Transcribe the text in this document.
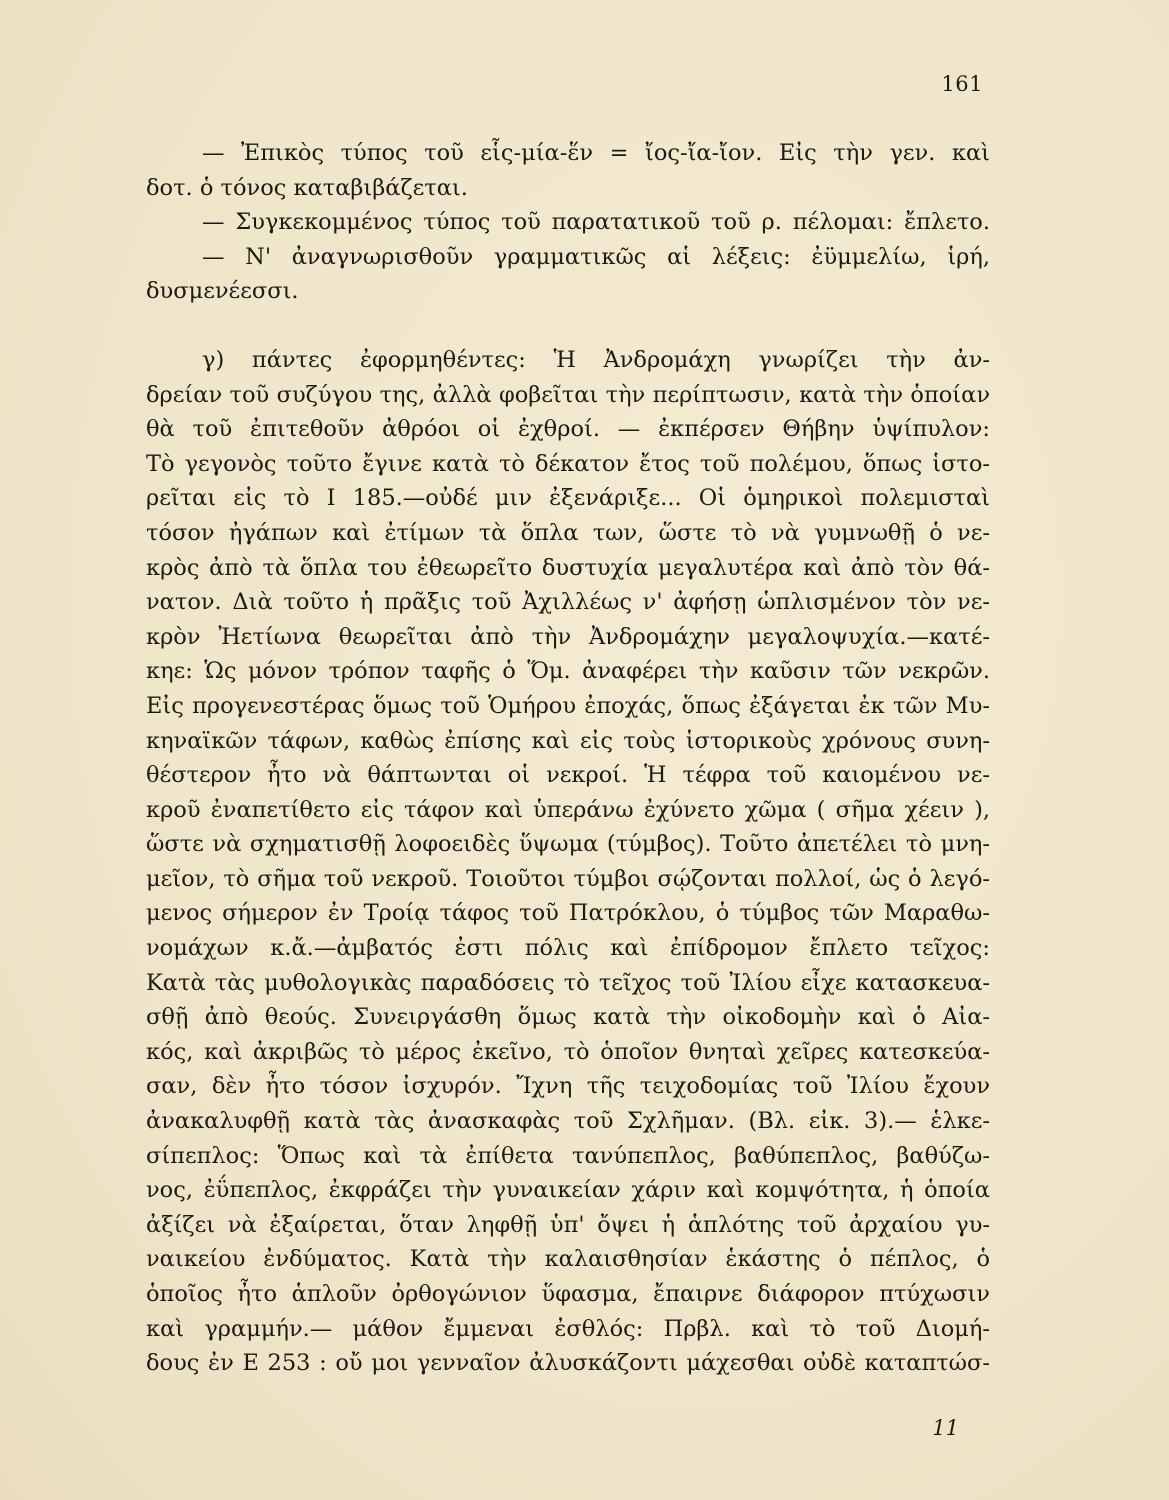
161
— Ἐπικὸς τύπος τοῦ εἷς-μία-ἕν = ἴος-ἴα-ἴον. Εἰς τὴν γεν. καὶ
δοτ. ὁ τόνος καταβιβάζεται.
— Συγκεκομμένος τύπος τοῦ παρατατικοῦ τοῦ ρ. πέλομαι: ἔπλετο.
— Ν' ἀναγνωρισθοῦν γραμματικῶς αἱ λέξεις: ἐϋμμελίω, ἱρή,
δυσμενέεσσι.
γ) πάντες ἐφορμηθέντες: Ἡ Ἀνδρομάχη γνωρίζει τὴν ἀν-
δρείαν τοῦ συζύγου της, ἀλλὰ φοβεῖται τὴν περίπτωσιν, κατὰ τὴν ὁποίαν
θὰ τοῦ ἐπιτεθοῦν ἀθρόοι οἱ ἐχθροί. — ἐκπέρσεν Θήβην ὑψίπυλον:
Τὸ γεγονὸς τοῦτο ἔγινε κατὰ τὸ δέκατον ἔτος τοῦ πολέμου, ὅπως ἱστο-
ρεῖται εἰς τὸ Ι 185.—οὐδέ μιν ἐξενάριξε... Οἱ ὁμηρικοὶ πολεμισταὶ
τόσον ἠγάπων καὶ ἐτίμων τὰ ὅπλα των, ὥστε τὸ νὰ γυμνωθῇ ὁ νε-
κρὸς ἀπὸ τὰ ὅπλα του ἐθεωρεῖτο δυστυχία μεγαλυτέρα καὶ ἀπὸ τὸν θά-
νατον. Διὰ τοῦτο ἡ πρᾶξις τοῦ Ἀχιλλέως ν' ἀφήσῃ ὡπλισμένον τὸν νε-
κρὸν Ἠετίωνα θεωρεῖται ἀπὸ τὴν Ἀνδρομάχην μεγαλοψυχία.—κατέ-
κηε: Ὡς μόνον τρόπον ταφῆς ὁ Ὅμ. ἀναφέρει τὴν καῦσιν τῶν νεκρῶν.
Εἰς προγενεστέρας ὅμως τοῦ Ὁμήρου ἐποχάς, ὅπως ἐξάγεται ἐκ τῶν Μυ-
κηναϊκῶν τάφων, καθὼς ἐπίσης καὶ εἰς τοὺς ἱστορικοὺς χρόνους συνη-
θέστερον ἦτο νὰ θάπτωνται οἱ νεκροί. Ἡ τέφρα τοῦ καιομένου νε-
κροῦ ἐναπετίθετο εἰς τάφον καὶ ὑπεράνω ἐχύνετο χῶμα ( σῆμα χέειν ),
ὥστε νὰ σχηματισθῇ λοφοειδὲς ὕψωμα (τύμβος). Τοῦτο ἀπετέλει τὸ μνη-
μεῖον, τὸ σῆμα τοῦ νεκροῦ. Τοιοῦτοι τύμβοι σῴζονται πολλοί, ὡς ὁ λεγό-
μενος σήμερον ἐν Τροίᾳ τάφος τοῦ Πατρόκλου, ὁ τύμβος τῶν Μαραθω-
νομάχων κ.ἄ.—ἀμβατός ἐστι πόλις καὶ ἐπίδρομον ἔπλετο τεῖχος:
Κατὰ τὰς μυθολογικὰς παραδόσεις τὸ τεῖχος τοῦ Ἰλίου εἶχε κατασκευα-
σθῇ ἀπὸ θεούς. Συνειργάσθη ὅμως κατὰ τὴν οἰκοδομὴν καὶ ὁ Αἰα-
κός, καὶ ἀκριβῶς τὸ μέρος ἐκεῖνο, τὸ ὁποῖον θνηταὶ χεῖρες κατεσκεύα-
σαν, δὲν ἦτο τόσον ἰσχυρόν. Ἴχνη τῆς τειχοδομίας τοῦ Ἰλίου ἔχουν
ἀνακαλυφθῇ κατὰ τὰς ἀνασκαφὰς τοῦ Σχλῆμαν. (Βλ. εἰκ. 3).— ἑλκε-
σίπεπλος: Ὅπως καὶ τὰ ἐπίθετα τανύπεπλος, βαθύπεπλος, βαθύζω-
νος, ἐΰπεπλος, ἐκφράζει τὴν γυναικείαν χάριν καὶ κομψότητα, ἡ ὁποία
ἀξίζει νὰ ἐξαίρεται, ὅταν ληφθῇ ὑπ' ὄψει ἡ ἁπλότης τοῦ ἀρχαίου γυ-
ναικείου ἐνδύματος. Κατὰ τὴν καλαισθησίαν ἑκάστης ὁ πέπλος, ὁ
ὁποῖος ἦτο ἁπλοῦν ὀρθογώνιον ὕφασμα, ἔπαιρνε διάφορον πτύχωσιν
καὶ γραμμήν.— μάθον ἔμμεναι ἐσθλός: Πρβλ. καὶ τὸ τοῦ Διομή-
δους ἐν Ε 253 : οὔ μοι γενναῖον ἀλυσκάζοντι μάχεσθαι οὐδὲ καταπτώσ-
11
